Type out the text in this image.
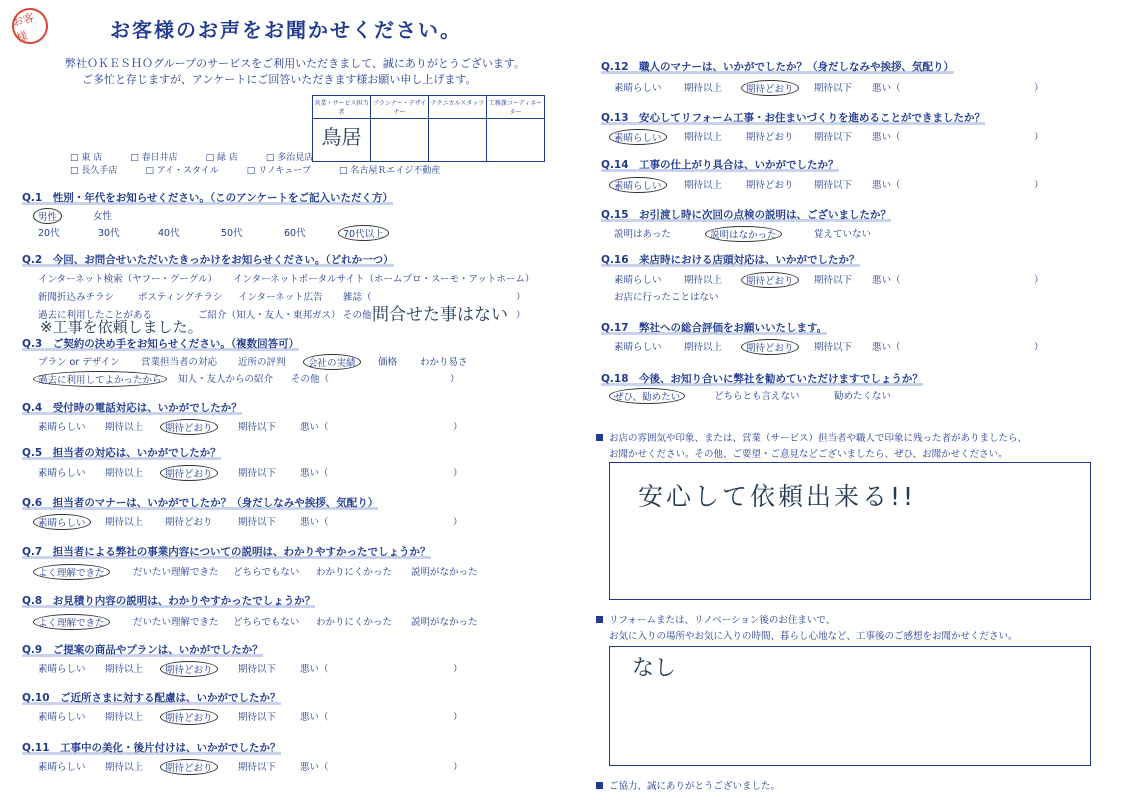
お客様	お客様のお声をお聞かせください。
弊社ＯＫＥＳＨＯグループのサービスをご利用いただきまして、誠にありがとうございます。
ご多忙と存じますが、アンケートにご回答いただきます様お願い申し上げます。
営業・サービス担当者	プランナー・デザイナー	テクニカルスタッフ	工務課コーディネーター
鳥居			
□ 東 店	□ 春日井店	□ 緑 店	□ 多治見店
□ 長久手店	□ アイ・スタイル	□ リノキューブ	□ 名古屋Ｒエイジ不動産
Q.1　性別・年代をお知らせください。（このアンケートをご記入いただく方）
男性	女性
20代	30代	40代	50代	60代	70代以上
Q.2　今回、お問合せいただいたきっかけをお知らせください。（どれか一つ）
インターネット検索（ヤフー・グーグル） インターネットポータルサイト（ホームプロ・スーモ・アットホーム）
新聞折込みチラシ	ポスティングチラシ インターネット広告 雑誌（	）
過去に利用したことがある	ご紹介（知人・友人・東邦ガス） その他（	）
問合せた事はない
※工事を依頼しました。
Q.3　ご契約の決め手をお知らせください。（複数回答可）
プラン or デザイン 営業担当者の対応 近所の評判	会社の実績	価格 わかり易さ
過去に利用してよかったから	知人・友人からの紹介 その他（	）
Q.4　受付時の電話対応は、いかがでしたか？
素晴らしい 期待以上	期待どおり	期待以下	悪い（	）
Q.5　担当者の対応は、いかがでしたか？
素晴らしい 期待以上	期待どおり	期待以下	悪い（	）
Q.6　担当者のマナーは、いかがでしたか？（身だしなみや挨拶、気配り）
素晴らしい	期待以上 期待どおり	期待以下	悪い（	）
Q.7　担当者による弊社の事業内容についての説明は、わかりやすかったでしょうか？
よく理解できた	だいたい理解できた どちらでもない わかりにくかった 説明がなかった
Q.8　お見積り内容の説明は、わかりやすかったでしょうか？
よく理解できた	だいたい理解できた どちらでもない わかりにくかった 説明がなかった
Q.9　ご提案の商品やプランは、いかがでしたか？
素晴らしい 期待以上	期待どおり	期待以下	悪い（	）
Q.10　ご近所さまに対する配慮は、いかがでしたか？
素晴らしい 期待以上	期待どおり	期待以下	悪い（	）
Q.11　工事中の美化・後片付けは、いかがでしたか？
素晴らしい 期待以上	期待どおり	期待以下	悪い（	）
Q.12　職人のマナーは、いかがでしたか？（身だしなみや挨拶、気配り）
素晴らしい 期待以上	期待どおり	期待以下 悪い（	）
Q.13　安心してリフォーム工事・お住まいづくりを進めることができましたか？
素晴らしい	期待以上	期待どおり 期待以下 悪い（	）
Q.14　工事の仕上がり具合は、いかがでしたか？
素晴らしい	期待以上	期待どおり 期待以下 悪い（	）
Q.16　来店時における店頭対応は、いかがでしたか？
素晴らしい 期待以上	期待どおり	期待以下 悪い（	）
Q.17　弊社への総合評価をお願いいたします。
素晴らしい 期待以上	期待どおり	期待以下 悪い（	）
Q.15　お引渡し時に次回の点検の説明は、ございましたか？
説明はあった	説明はなかった	覚えていない
お店に行ったことはない
Q.18　今後、お知り合いに弊社を勧めていただけますでしょうか？
ぜひ、勧めたい	どちらとも言えない	勧めたくない
お店の雰囲気や印象、または、営業（サービス）担当者や職人で印象に残った者がありましたら、
お聞かせください。その他、ご要望・ご意見などございましたら、ぜひ、お聞かせください。
安心して依頼出来る!!
リフォームまたは、リノベーション後のお住まいで、
お気に入りの場所やお気に入りの時間、暮らし心地など、工事後のご感想をお聞かせください。
なし
ご協力、誠にありがとうございました。
